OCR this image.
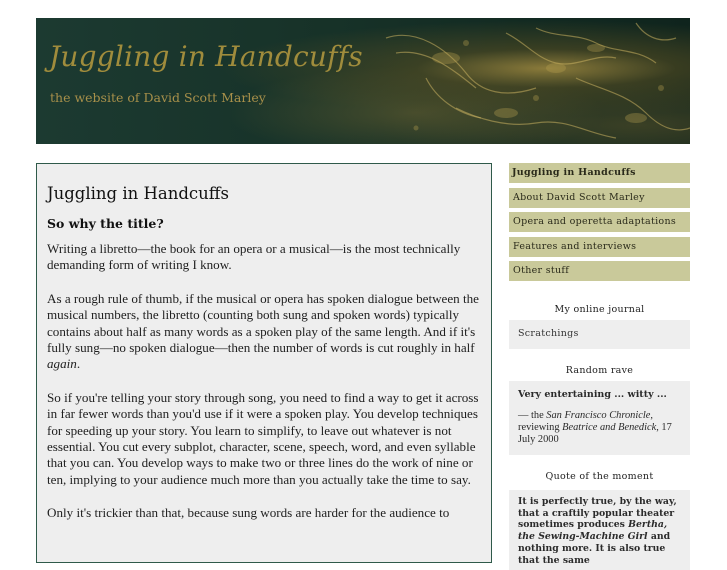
Juggling in Handcuffs

the website of David Scott Marley

Juggling in Handcuffs
So why the title?

Writing a libretto—the book for an opera or a musical—is the most technically demanding form of writing I know.

As a rough rule of thumb, if the musical or opera has spoken dialogue between the musical numbers, the libretto (counting both sung and spoken words) typically contains about half as many words as a spoken play of the same length. And if it's fully sung—no spoken dialogue—then the number of words is cut roughly in half again.

So if you're telling your story through song, you need to find a way to get it across in far fewer words than you'd use if it were a spoken play. You develop techniques for speeding up your story. You learn to simplify, to leave out whatever is not essential. You cut every subplot, character, scene, speech, word, and even syllable that you can. You develop ways to make two or three lines do the work of nine or ten, implying to your audience much more than you actually take the time to say.

Only it's trickier than that, because sung words are harder for the audience to

Juggling in Handcuffs
About David Scott Marley
Opera and operetta adaptations
Features and interviews
Other stuff

My online journal

Scratchings

Random rave

Very entertaining ... witty ...
— the San Francisco Chronicle, reviewing Beatrice and Benedick, 17 July 2000

Quote of the moment

It is perfectly true, by the way, that a craftily popular theater sometimes produces Bertha, the Sewing-Machine Girl and nothing more. It is also true that the same
